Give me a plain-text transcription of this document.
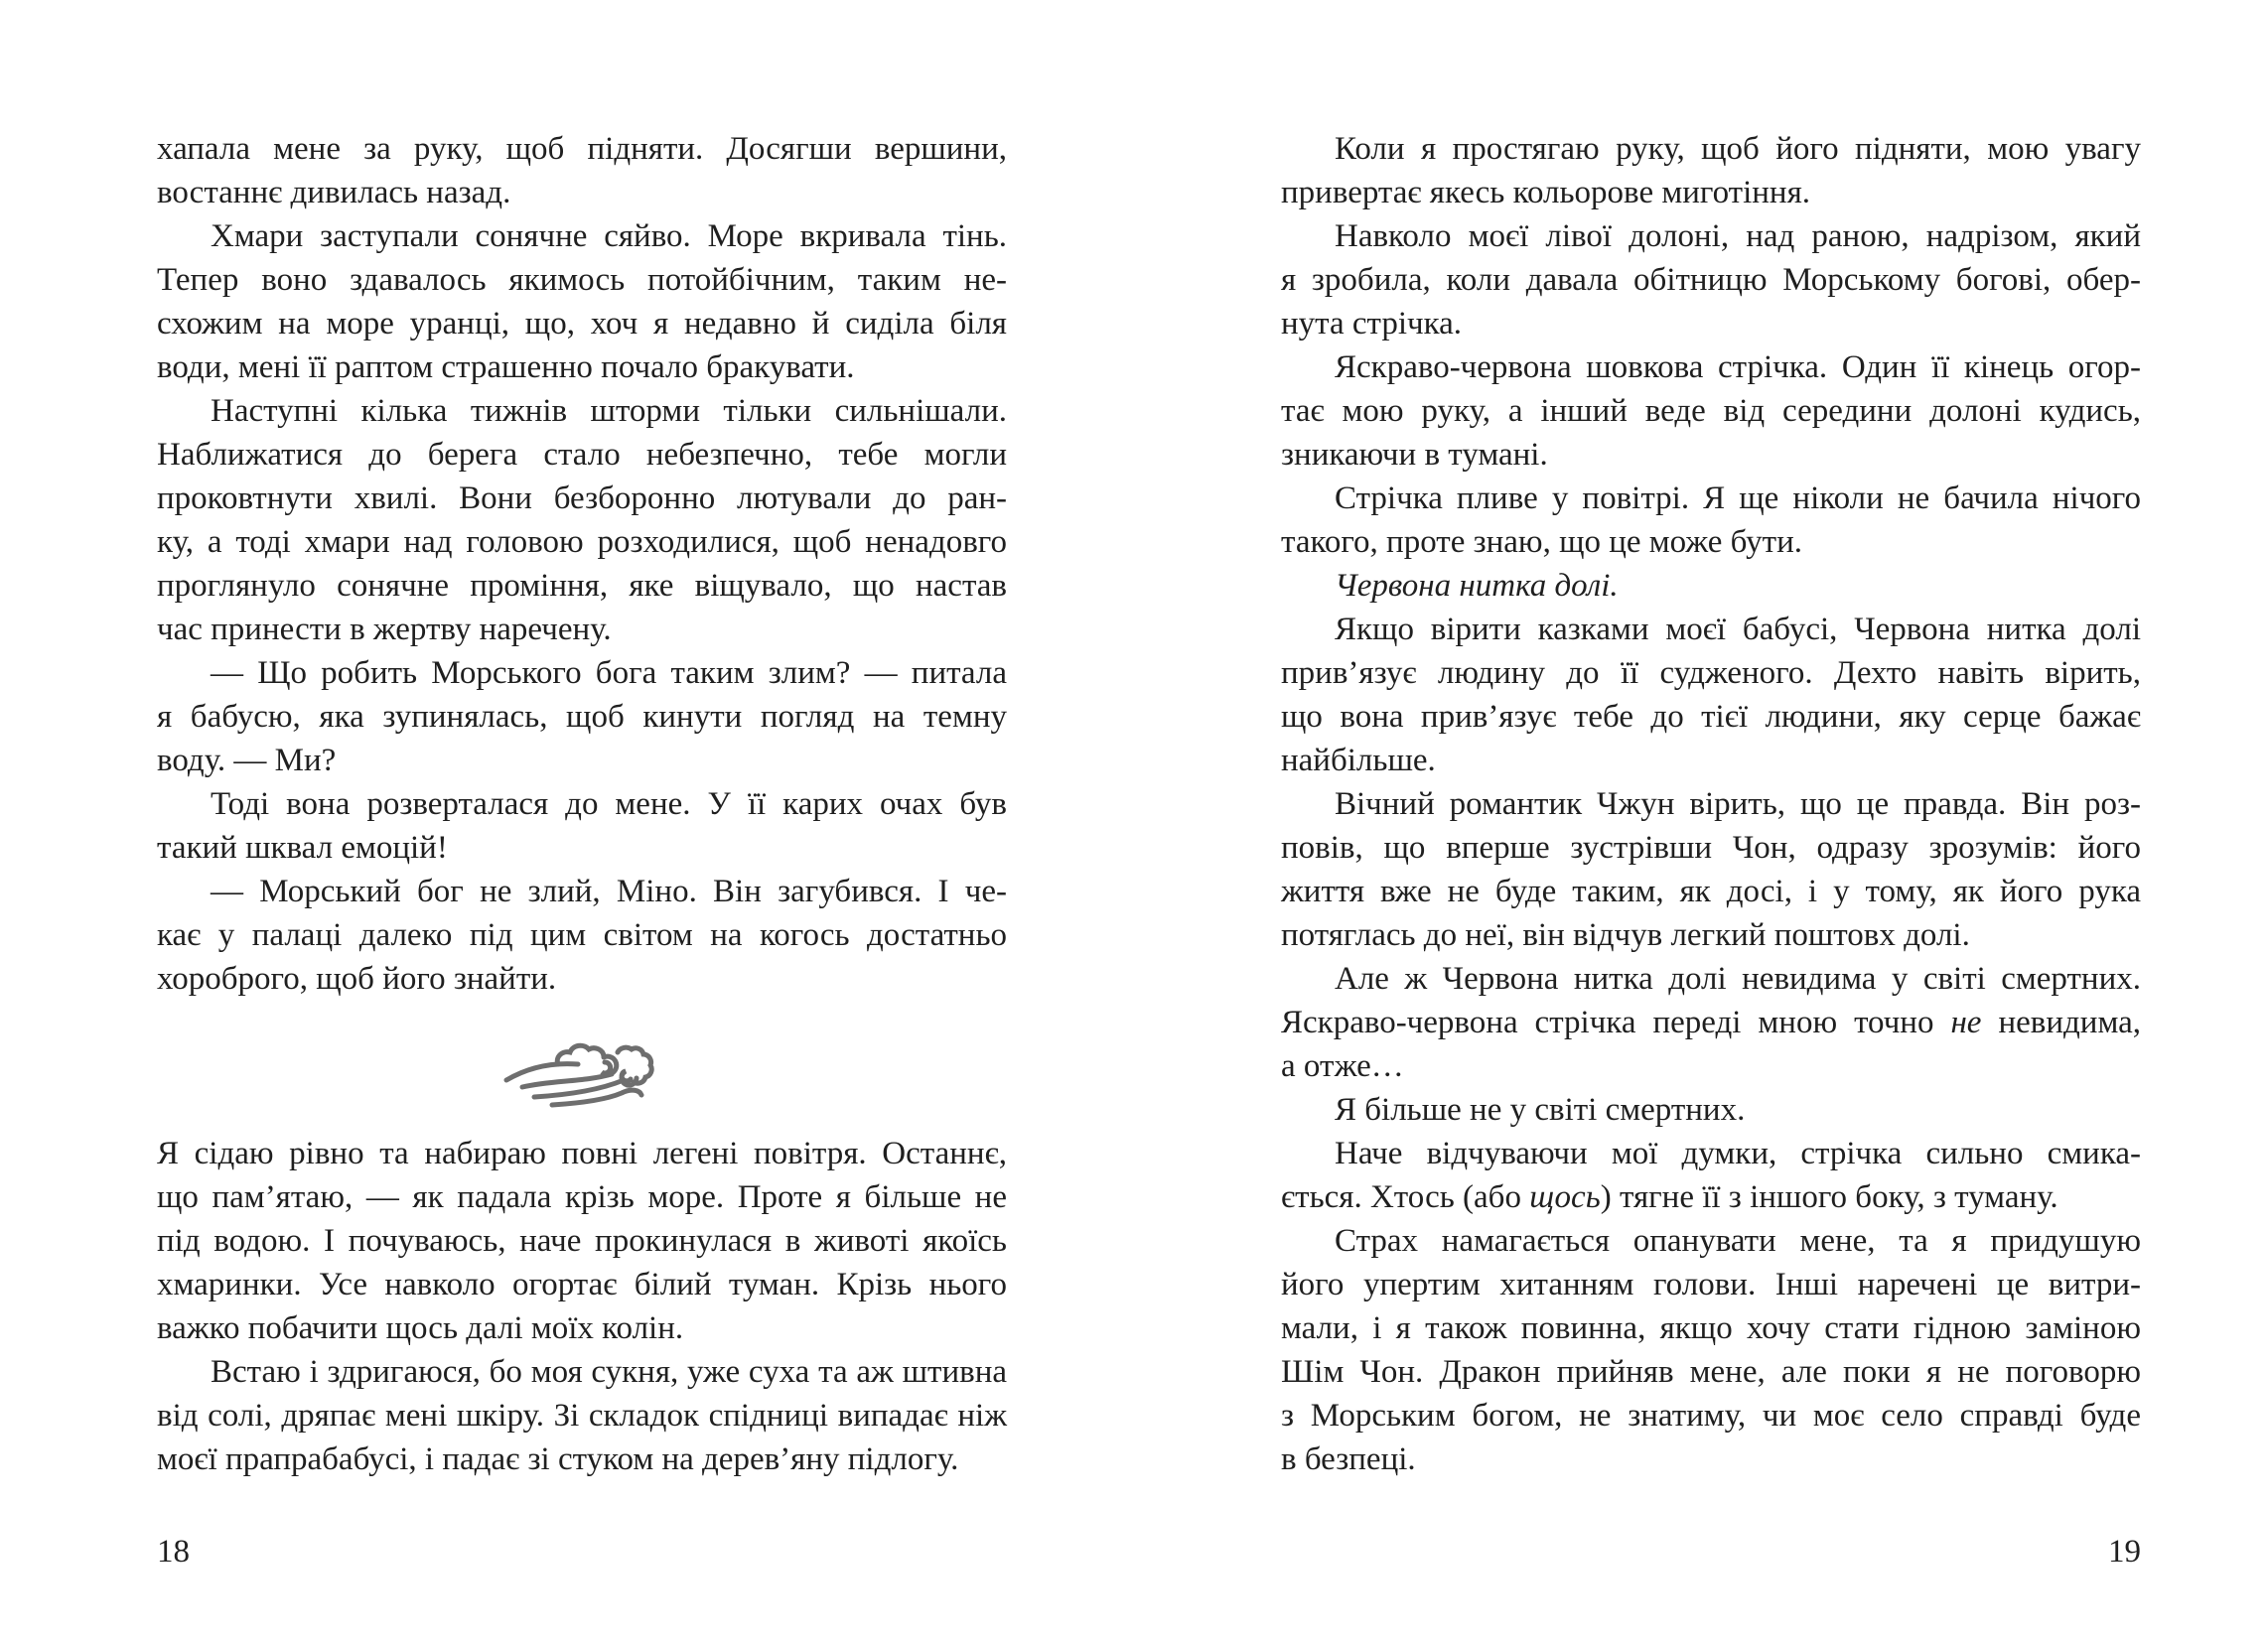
хапала мене за руку, щоб підняти. Досягши вершини,
востаннє дивилась назад.
Хмари заступали сонячне сяйво. Море вкривала тінь.
Тепер воно здавалось якимось потойбічним, таким не-
схожим на море уранці, що, хоч я недавно й сиділа біля
води, мені її раптом страшенно почало бракувати.
Наступні кілька тижнів шторми тільки сильнішали.
Наближатися до берега стало небезпечно, тебе могли
проковтнути хвилі. Вони безборонно лютували до ран-
ку, а тоді хмари над головою розходилися, щоб ненадовго
проглянуло сонячне проміння, яке віщувало, що настав
час принести в жертву наречену.
— Що робить Морського бога таким злим? — питала
я бабусю, яка зупинялась, щоб кинути погляд на темну
воду. — Ми?
Тоді вона розверталася до мене. У її карих очах був
такий шквал емоцій!
— Морський бог не злий, Міно. Він загубився. І че-
кає у палаці далеко під цим світом на когось достатньо
хороброго, щоб його знайти.
Я сідаю рівно та набираю повні легені повітря. Останнє,
що пам’ятаю, — як падала крізь море. Проте я більше не
під водою. І почуваюсь, наче прокинулася в животі якоїсь
хмаринки. Усе навколо огортає білий туман. Крізь нього
важко побачити щось далі моїх колін.
Встаю і здригаюся, бо моя сукня, уже суха та аж штивна
від солі, дряпає мені шкіру. Зі складок спідниці випадає ніж
моєї прапрабабусі, і падає зі стуком на дерев’яну підлогу.
18
Коли я простягаю руку, щоб його підняти, мою увагу
привертає якесь кольорове миготіння.
Навколо моєї лівої долоні, над раною, надрізом, який
я зробила, коли давала обітницю Морському богові, обер-
нута стрічка.
Яскраво-червона шовкова стрічка. Один її кінець огор-
тає мою руку, а інший веде від середини долоні кудись,
зникаючи в тумані.
Стрічка пливе у повітрі. Я ще ніколи не бачила нічого
такого, проте знаю, що це може бути.
Червона нитка долі.
Якщо вірити казками моєї бабусі, Червона нитка долі
прив’язує людину до її судженого. Дехто навіть вірить,
що вона прив’язує тебе до тієї людини, яку серце бажає
найбільше.
Вічний романтик Чжун вірить, що це правда. Він роз-
повів, що вперше зустрівши Чон, одразу зрозумів: його
життя вже не буде таким, як досі, і у тому, як його рука
потяглась до неї, він відчув легкий поштовх долі.
Але ж Червона нитка долі невидима у світі смертних.
Яскраво-червона стрічка переді мною точно не невидима,
а отже…
Я більше не у світі смертних.
Наче відчуваючи мої думки, стрічка сильно смика-
ється. Хтось (або щось) тягне її з іншого боку, з туману.
Страх намагається опанувати мене, та я придушую
його упертим хитанням голови. Інші наречені це витри-
мали, і я також повинна, якщо хочу стати гідною заміною
Шім Чон. Дракон прийняв мене, але поки я не поговорю
з Морським богом, не знатиму, чи моє село справді буде
в безпеці.
19
